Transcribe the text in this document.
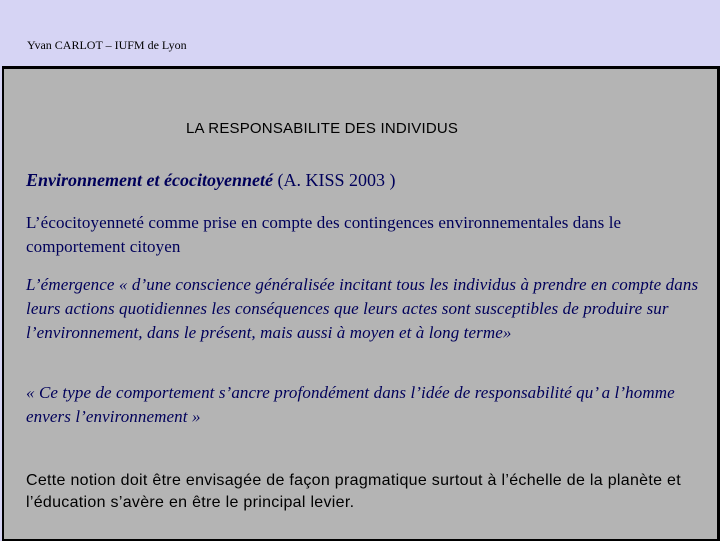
Yvan CARLOT – IUFM de Lyon
LA RESPONSABILITE DES INDIVIDUS
Environnement et écocitoyenneté (A. KISS 2003 )

L’écocitoyenneté comme prise en compte des contingences environnementales dans le comportement citoyen

L’émergence « d’une conscience généralisée incitant tous les individus à prendre en compte dans leurs actions quotidiennes les conséquences que leurs actes sont susceptibles de produire sur l’environnement, dans le présent, mais aussi à moyen et à long terme»

« Ce type de comportement s’ancre profondément dans l’idée de responsabilité qu’ a l’homme envers l’environnement »

Cette notion doit être envisagée de façon pragmatique surtout à l’échelle de la planète et l’éducation s’avère en être le principal levier.
